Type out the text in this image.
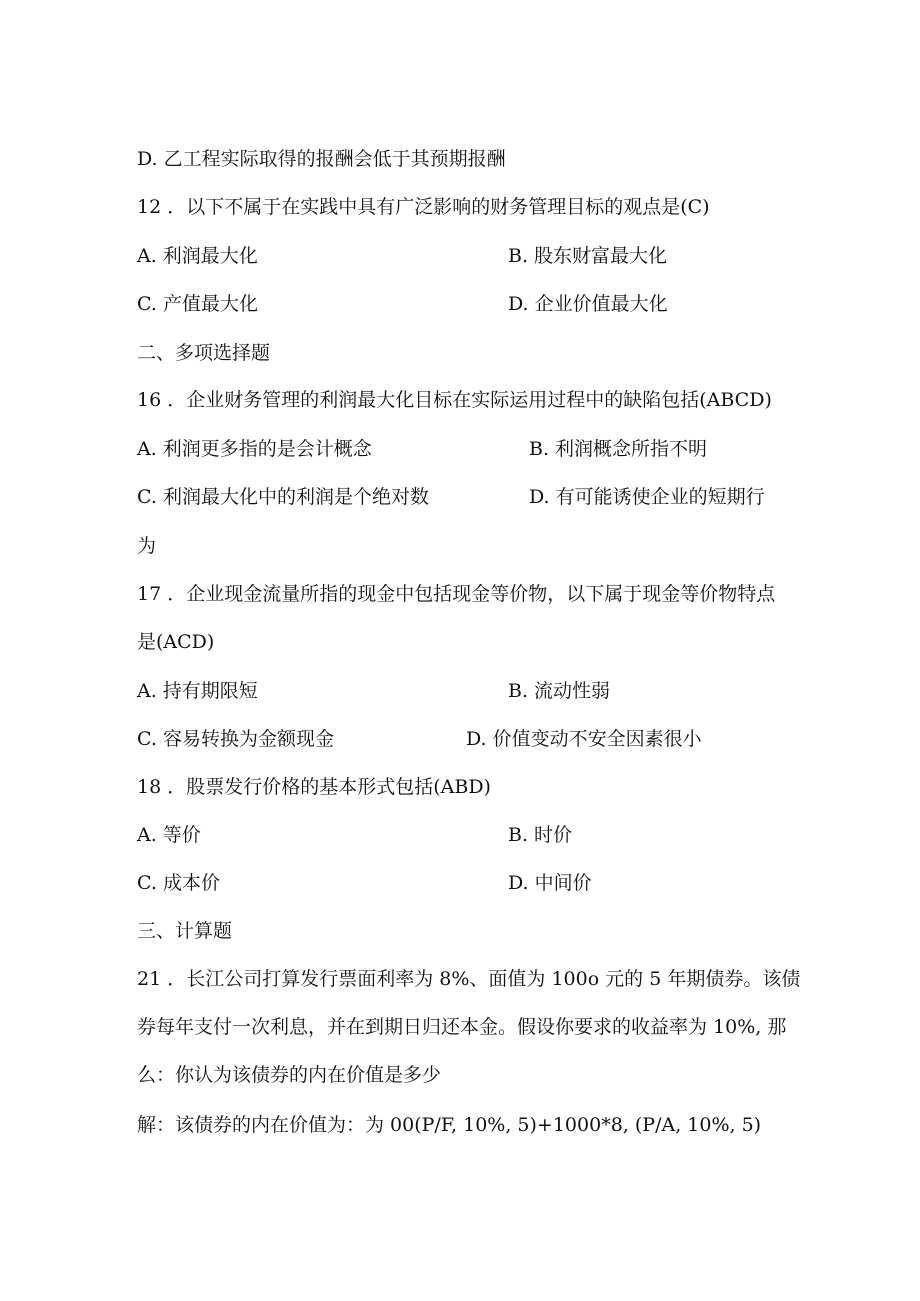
D. 乙工程实际取得的报酬会低于其预期报酬
12 ．以下不属于在实践中具有广泛影响的财务管理目标的观点是(C)
A. 利润最大化	B. 股东财富最大化
C. 产值最大化	D. 企业价值最大化
二、多项选择题
16 ．企业财务管理的利润最大化目标在实际运用过程中的缺陷包括(ABCD)
A. 利润更多指的是会计概念	B. 利润概念所指不明
C. 利润最大化中的利润是个绝对数	D. 有可能诱使企业的短期行
为
17 ．企业现金流量所指的现金中包括现金等价物，以下属于现金等价物特点
是(ACD)
A. 持有期限短	B. 流动性弱
C. 容易转换为金额现金	D. 价值变动不安全因素很小
18 ．股票发行价格的基本形式包括(ABD)
A. 等价	B. 时价
C. 成本价	D. 中间价
三、计算题
21 ．长江公司打算发行票面利率为 8%、面值为 100o 元的 5 年期债券。该债
券每年支付一次利息，并在到期日归还本金。假设你要求的收益率为 10%, 那
么：你认为该债券的内在价值是多少
解：该债券的内在价值为：为 00(P/F, 10%, 5)+1000*8, (P/A, 10%, 5)
